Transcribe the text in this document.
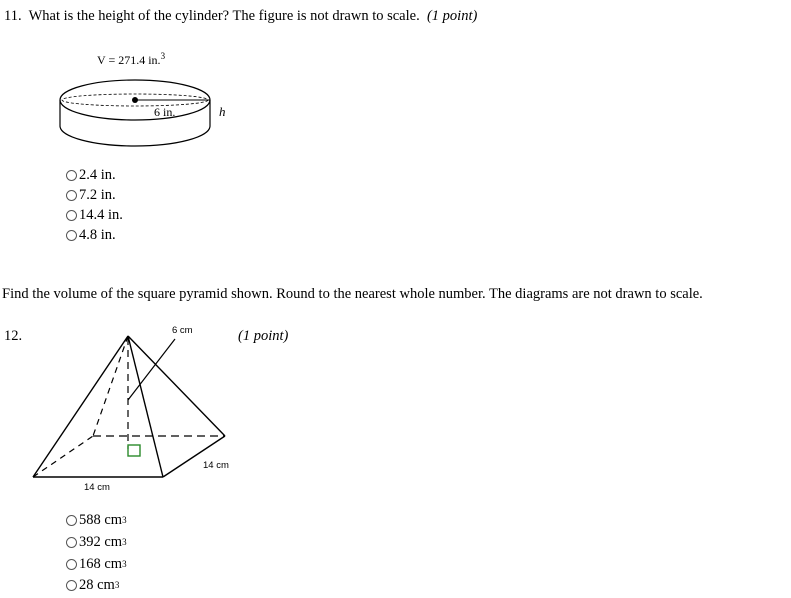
11. What is the height of the cylinder? The figure is not drawn to scale. (1 point)
V = 271.4 in.$^3$
6 in.	h
2.4 in.
7.2 in.
14.4 in.
4.8 in.
Find the volume of the square pyramid shown. Round to the nearest whole number. The diagrams are not drawn to scale.
12.	(1 point)
6 cm
14 cm
14 cm
588 cm 3
392 cm 3
168 cm 3
28 cm 3
